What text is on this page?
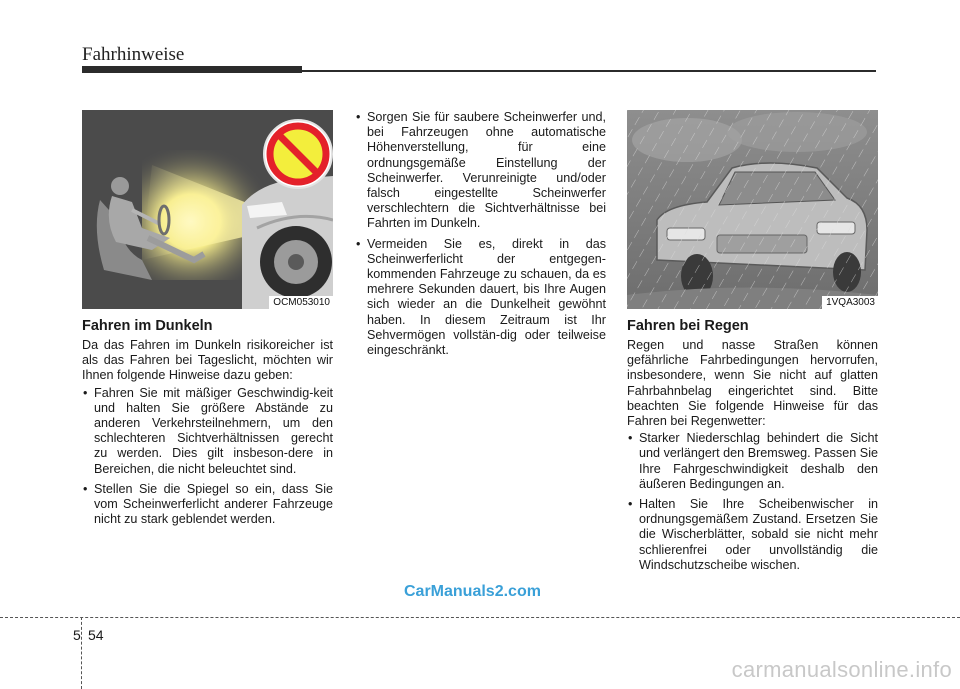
Fahrhinweise
OCM053010
Fahren im Dunkeln

Da das Fahren im Dunkeln risikoreicher ist als das Fahren bei Tageslicht, möchten wir Ihnen folgende Hinweise dazu geben:

• Fahren Sie mit mäßiger Geschwindig-keit und halten Sie größere Abstände zu anderen Verkehrsteilnehmern, um den schlechteren Sichtverhältnissen gerecht zu werden. Dies gilt insbeson-dere in Bereichen, die nicht beleuchtet sind.
• Stellen Sie die Spiegel so ein, dass Sie vom Scheinwerferlicht anderer Fahrzeuge nicht zu stark geblendet werden.
• Sorgen Sie für saubere Scheinwerfer und, bei Fahrzeugen ohne automatische Höhenverstellung, für eine ordnungsgemäße Einstellung der Scheinwerfer. Verunreinigte und/oder falsch eingestellte Scheinwerfer verschlechtern die Sichtverhältnisse bei Fahrten im Dunkeln.
• Vermeiden Sie es, direkt in das Scheinwerferlicht der entgegen-kommenden Fahrzeuge zu schauen, da es mehrere Sekunden dauert, bis Ihre Augen sich wieder an die Dunkelheit gewöhnt haben. In diesem Zeitraum ist Ihr Sehvermögen vollstän-dig oder teilweise eingeschränkt.
1VQA3003
Fahren bei Regen

Regen und nasse Straßen können gefährliche Fahrbedingungen hervorrufen, insbesondere, wenn Sie nicht auf glatten Fahrbahnbelag eingerichtet sind. Bitte beachten Sie folgende Hinweise für das Fahren bei Regenwetter:

• Starker Niederschlag behindert die Sicht und verlängert den Bremsweg. Passen Sie Ihre Fahrgeschwindigkeit deshalb den äußeren Bedingungen an.
• Halten Sie Ihre Scheibenwischer in ordnungsgemäßem Zustand. Ersetzen Sie die Wischerblätter, sobald sie nicht mehr schlierenfrei oder unvollständig die Windschutzscheibe wischen.
CarManuals2.com
5 54
carmanualsonline.info
